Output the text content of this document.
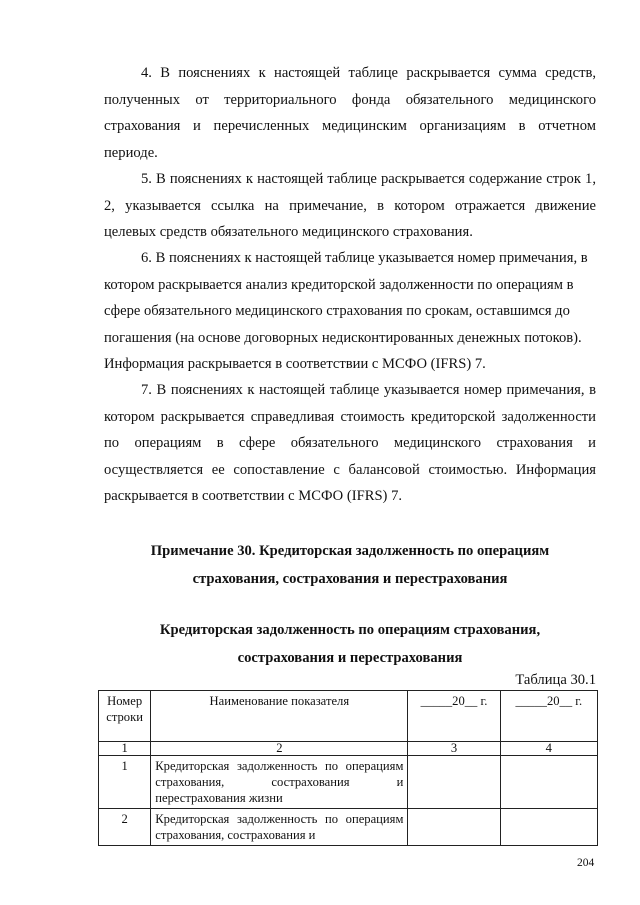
4. В пояснениях к настоящей таблице раскрывается сумма средств, полученных от территориального фонда обязательного медицинского страхования и перечисленных медицинским организациям в отчетном периоде.

5. В пояснениях к настоящей таблице раскрывается содержание строк 1, 2, указывается ссылка на примечание, в котором отражается движение целевых средств обязательного медицинского страхования.

6. В пояснениях к настоящей таблице указывается номер примечания, в котором раскрывается анализ кредиторской задолженности по операциям в сфере обязательного медицинского страхования по срокам, оставшимся до погашения (на основе договорных недисконтированных денежных потоков). Информация раскрывается в соответствии с МСФО (IFRS) 7.

7. В пояснениях к настоящей таблице указывается номер примечания, в котором раскрывается справедливая стоимость кредиторской задолженности по операциям в сфере обязательного медицинского страхования и осуществляется ее сопоставление с балансовой стоимостью. Информация раскрывается в соответствии с МСФО (IFRS) 7.

Примечание 30. Кредиторская задолженность по операциям
страхования, сострахования и перестрахования
Кредиторская задолженность по операциям страхования,
сострахования и перестрахования

Таблица 30.1

Номер строки	Наименование показателя	_____20__ г.	_____20__ г.
1	2	3	4
1	Кредиторская задолженность по операциям страхования, сострахования и перестрахования жизни		
2	Кредиторская задолженность по операциям страхования, сострахования и		

204
